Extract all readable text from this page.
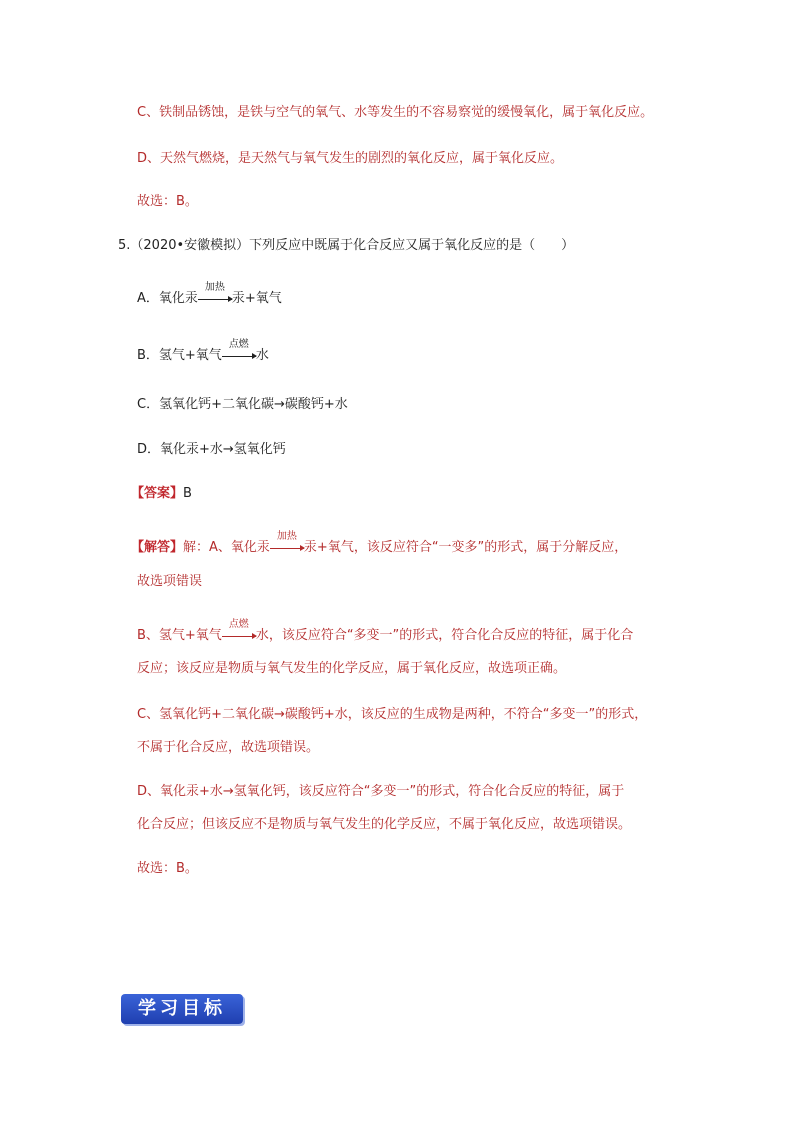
C、铁制品锈蚀，是铁与空气的氧气、水等发生的不容易察觉的缓慢氧化，属于氧化反应。
D、天然气燃烧，是天然气与氧气发生的剧烈的氧化反应，属于氧化反应。
故选：B。
5.（2020•安徽模拟）下列反应中既属于化合反应又属于氧化反应的是（　　）
A．氧化汞
加热
汞+氧气
B．氢气+氧气
点燃
水
C．氢氧化钙+二氧化碳→碳酸钙+水
D．氧化汞+水→氢氧化钙
【答案】B
【解答】解：A、氧化汞
加热
汞+氧气，该反应符合“一变多”的形式，属于分解反应，
故选项错误
B、氢气+氧气
点燃
水，该反应符合“多变一”的形式，符合化合反应的特征，属于化合
反应；该反应是物质与氧气发生的化学反应，属于氧化反应，故选项正确。
C、氢氧化钙+二氧化碳→碳酸钙+水，该反应的生成物是两种，不符合“多变一”的形式，
不属于化合反应，故选项错误。
D、氧化汞+水→氢氧化钙，该反应符合“多变一”的形式，符合化合反应的特征，属于
化合反应；但该反应不是物质与氧气发生的化学反应，不属于氧化反应，故选项错误。
故选：B。
学习目标
